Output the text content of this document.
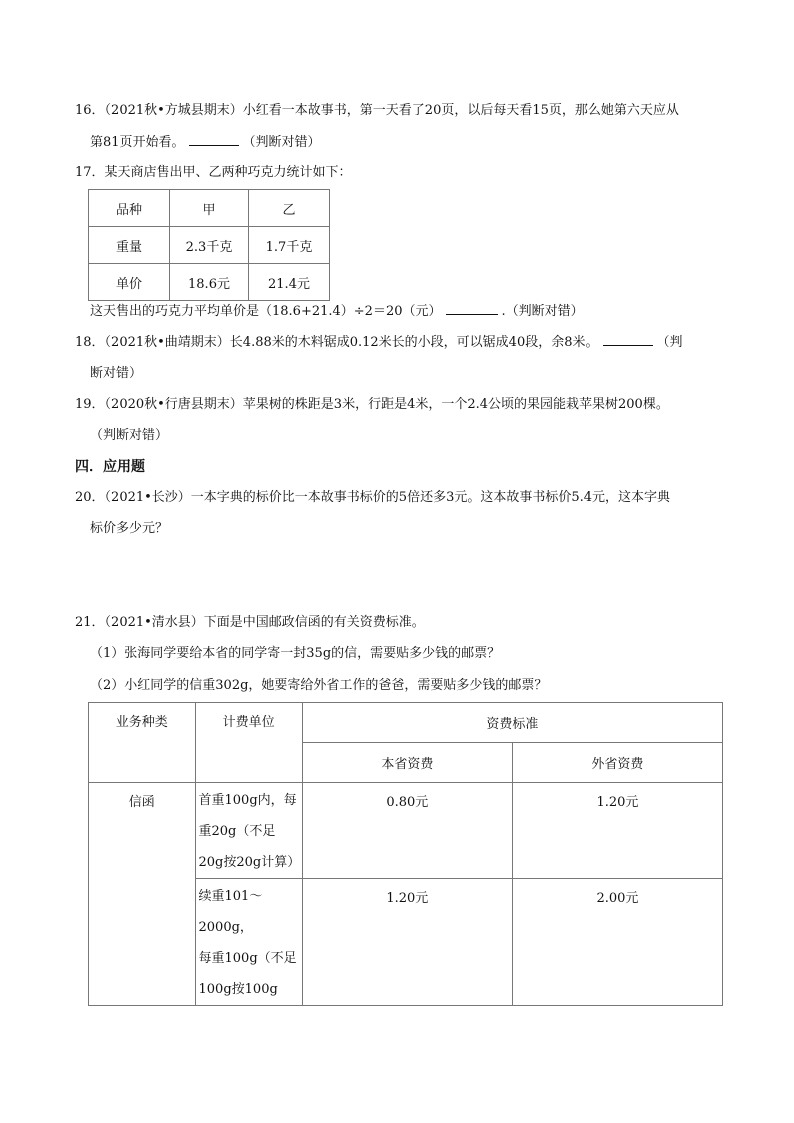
16．（2021秋•方城县期末）小红看一本故事书，第一天看了20页，以后每天看15页，那么她第六天应从
第81页开始看。	（判断对错）
17．某天商店售出甲、乙两种巧克力统计如下：
品种	甲	乙
重量	2.3千克	1.7千克
单价	18.6元	21.4元
这天售出的巧克力平均单价是（18.6+21.4）÷2＝20（元）	.（判断对错）
18．（2021秋•曲靖期末）长4.88米的木料锯成0.12米长的小段，可以锯成40段，余8米。	（判
断对错）
19．（2020秋•行唐县期末）苹果树的株距是3米，行距是4米，一个2.4公顷的果园能栽苹果树200棵。
（判断对错）
四．应用题
20．（2021•长沙）一本字典的标价比一本故事书标价的5倍还多3元。这本故事书标价5.4元，这本字典
标价多少元？
21．（2021•清水县）下面是中国邮政信函的有关资费标准。
（1）张海同学要给本省的同学寄一封35g的信，需要贴多少钱的邮票？
（2）小红同学的信重302g，她要寄给外省工作的爸爸，需要贴多少钱的邮票？
业务种类	计费单位	资费标准	
		本省资费	外省资费
信函	首重100g内，每
重20g（不足
20g按20g计算）	0.80元	1.20元

	续重101～2000g，
每重100g（不足
100g按100g	1.20元	2.00元
